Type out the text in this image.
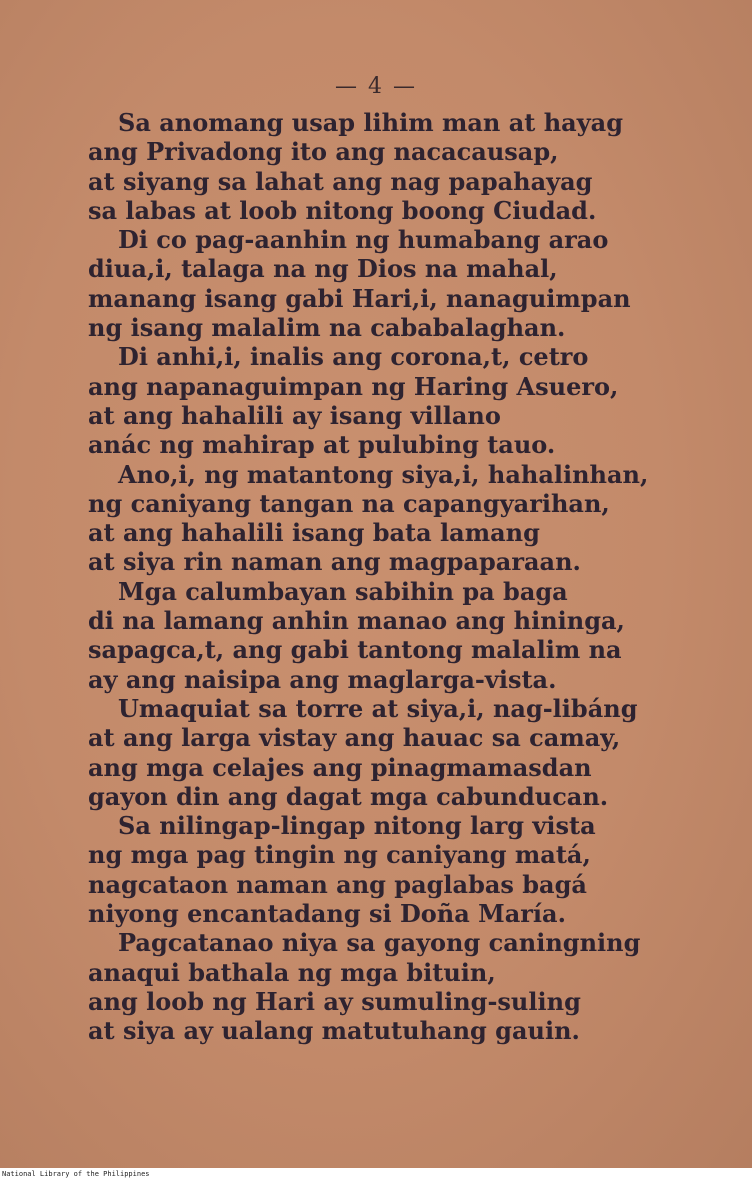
— 4 —
Sa anomang usap lihim man at hayag
ang Privadong ito ang nacacausap,
at siyang sa lahat ang nag papahayag
sa labas at loob nitong boong Ciudad.
Di co pag-aanhin ng humabang arao
diua,i, talaga na ng Dios na mahal,
manang isang gabi Hari,i, nanaguimpan
ng isang malalim na cababalaghan.
Di anhi,i, inalis ang corona,t, cetro
ang napanaguimpan ng Haring Asuero,
at ang hahalili ay isang villano
anác ng mahirap at pulubing tauo.
Ano,i, ng matantong siya,i, hahalinhan,
ng caniyang tangan na capangyarihan,
at ang hahalili isang bata lamang
at siya rin naman ang magpaparaan.
Mga calumbayan sabihin pa baga
di na lamang anhin manao ang hininga,
sapagca,t, ang gabi tantong malalim na
ay ang naisipa ang maglarga-vista.
Umaquiat sa torre at siya,i, nag-libáng
at ang larga vistay ang hauac sa camay,
ang mga celajes ang pinagmamasdan
gayon din ang dagat mga cabunducan.
Sa nilingap-lingap nitong larg vista
ng mga pag tingin ng caniyang matá,
nagcataon naman ang paglabas bagá
niyong encantadang si Doña María.
Pagcatanao niya sa gayong caningning
anaqui bathala ng mga bituin,
ang loob ng Hari ay sumuling-suling
at siya ay ualang matutuhang gauin.
National Library of the Philippines
